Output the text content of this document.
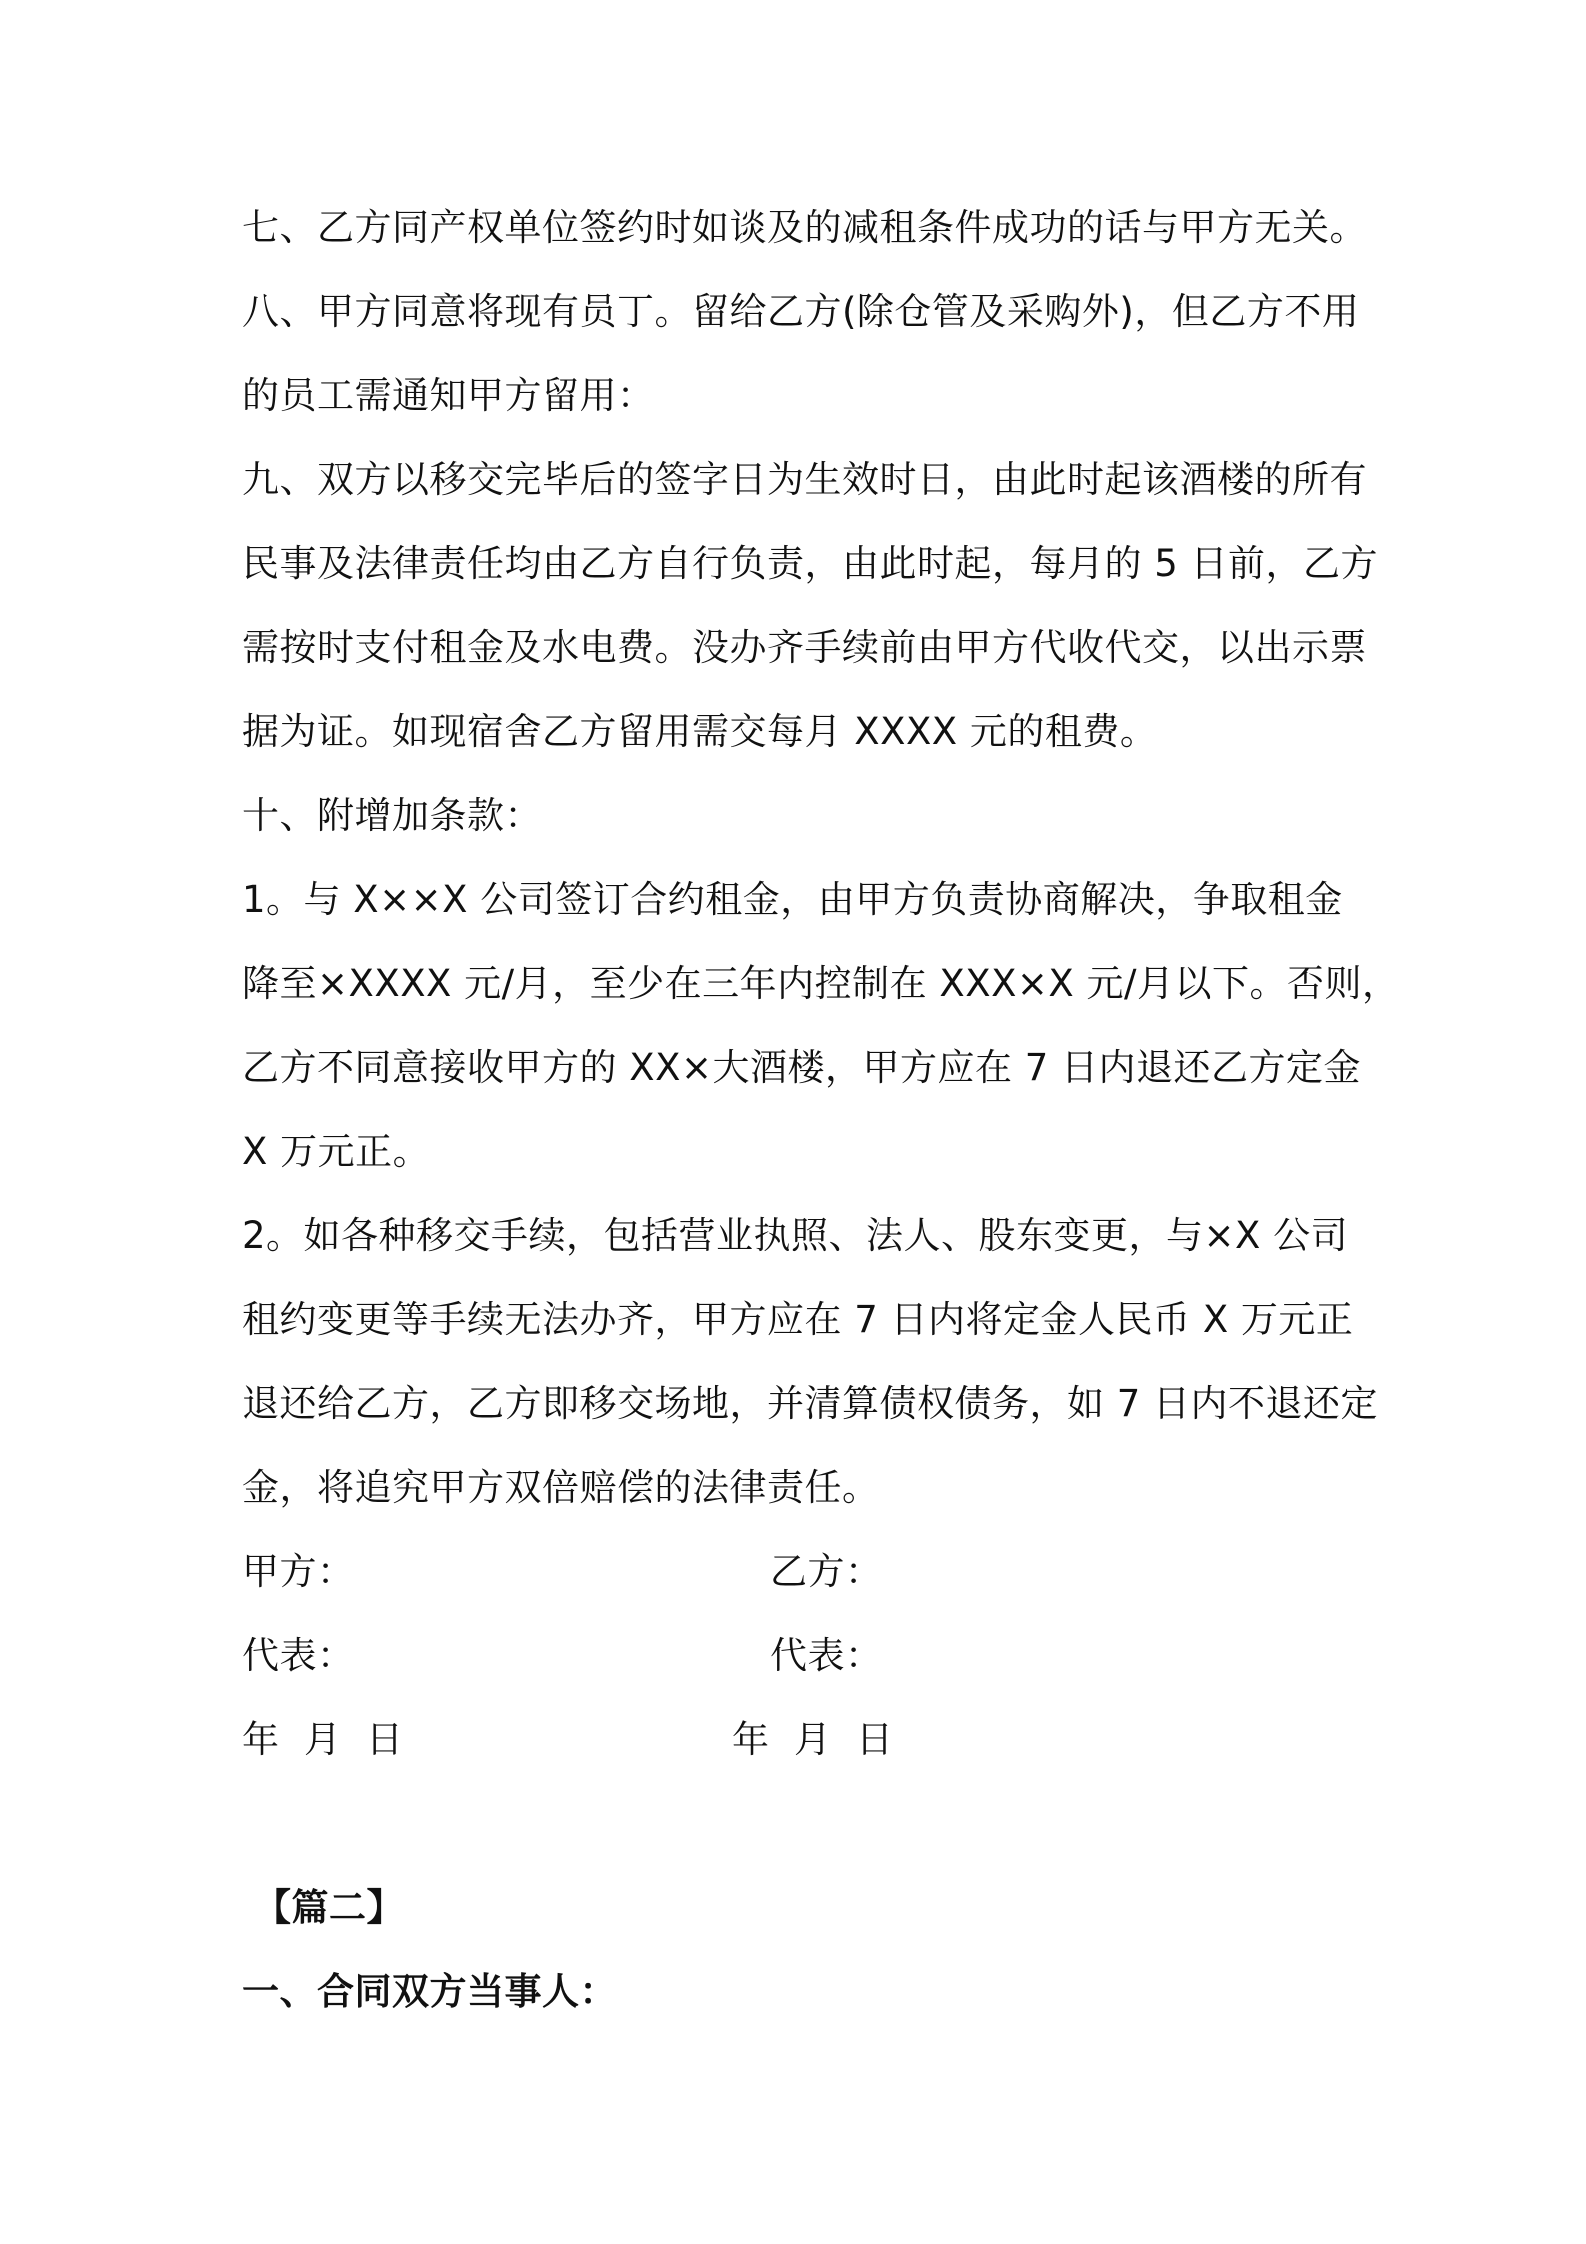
七、乙方同产权单位签约时如谈及的减租条件成功的话与甲方无关。
八、甲方同意将现有员丁。留给乙方(除仓管及采购外)，但乙方不用
的员工需通知甲方留用：
九、双方以移交完毕后的签字日为生效时日，由此时起该酒楼的所有
民事及法律责任均由乙方自行负责，由此时起，每月的 5 日前，乙方
需按时支付租金及水电费。没办齐手续前由甲方代收代交，以出示票
据为证。如现宿舍乙方留用需交每月 XXXX 元的租费。
十、附增加条款：
1。与 X××X 公司签订合约租金，由甲方负责协商解决，争取租金
降至×XXXX 元/月，至少在三年内控制在 XXX×X 元/月以下。否则，
乙方不同意接收甲方的 XX×大酒楼，甲方应在 7 日内退还乙方定金
X 万元正。
2。如各种移交手续，包括营业执照、法人、股东变更，与×X 公司
租约变更等手续无法办齐，甲方应在 7 日内将定金人民币 X 万元正
退还给乙方，乙方即移交场地，并清算债权债务，如 7 日内不退还定
金，将追究甲方双倍赔偿的法律责任。
甲方：	乙方：
代表：	代表：
年  月  日	年  月  日
【篇二】
一、合同双方当事人：
